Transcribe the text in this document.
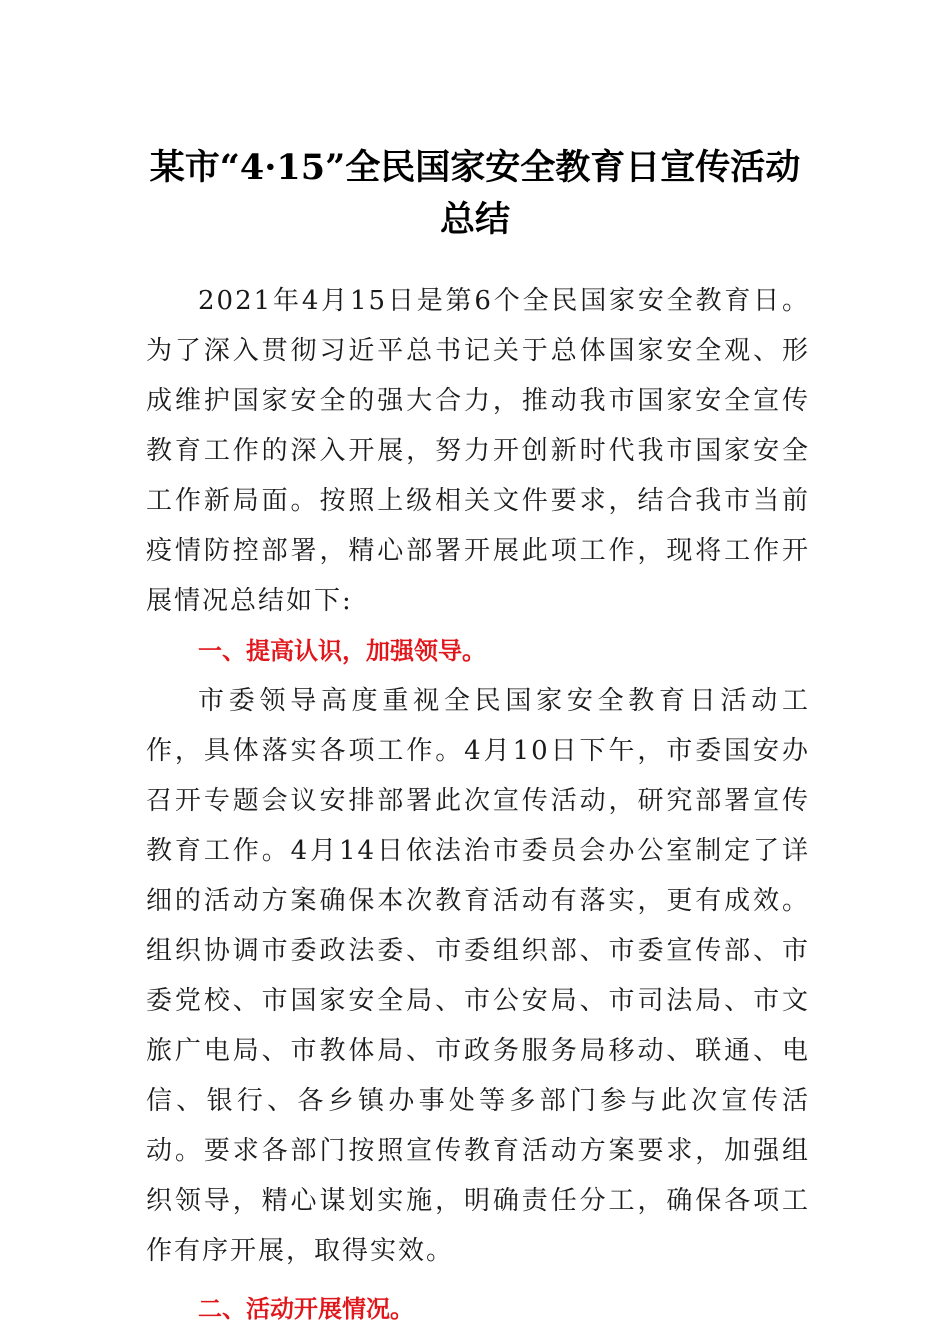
某市“4·15”全民国家安全教育日宣传活动总结

2021年4月15日是第6个全民国家安全教育日。为了深入贯彻习近平总书记关于总体国家安全观、形成维护国家安全的强大合力，推动我市国家安全宣传教育工作的深入开展，努力开创新时代我市国家安全工作新局面。按照上级相关文件要求，结合我市当前疫情防控部署，精心部署开展此项工作，现将工作开展情况总结如下:

一、提高认识，加强领导。

市委领导高度重视全民国家安全教育日活动工作，具体落实各项工作。4月10日下午，市委国安办召开专题会议安排部署此次宣传活动，研究部署宣传教育工作。4月14日依法治市委员会办公室制定了详细的活动方案确保本次教育活动有落实，更有成效。组织协调市委政法委、市委组织部、市委宣传部、市委党校、市国家安全局、市公安局、市司法局、市文旅广电局、市教体局、市政务服务局移动、联通、电信、银行、各乡镇办事处等多部门参与此次宣传活动。要求各部门按照宣传教育活动方案要求，加强组织领导，精心谋划实施，明确责任分工，确保各项工作有序开展，取得实效。

二、活动开展情况。
